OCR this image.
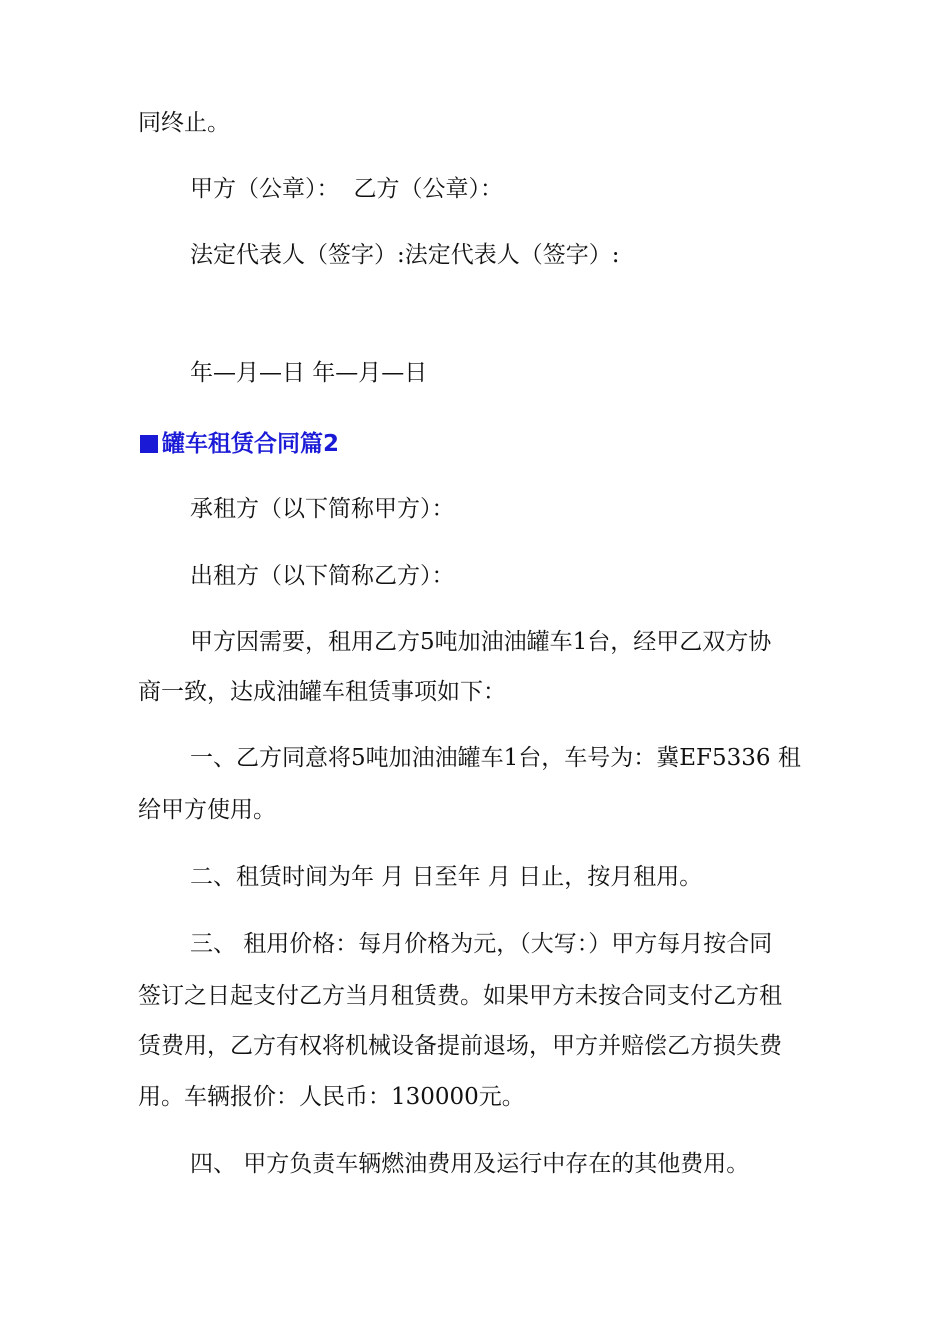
同终止。
甲方（公章）： 乙方（公章）：
法定代表人（签字）:法定代表人（签字）:
年—月—日 年—月—日
罐车租赁合同篇2
承租方（以下简称甲方）：
出租方（以下简称乙方）：
甲方因需要，租用乙方5吨加油油罐车1台，经甲乙双方协
商一致，达成油罐车租赁事项如下：
一、乙方同意将5吨加油油罐车1台，车号为：冀EF5336 租
给甲方使用。
二、租赁时间为年 月 日至年 月 日止，按月租用。
三、 租用价格：每月价格为元，（大写：）甲方每月按合同
签订之日起支付乙方当月租赁费。如果甲方未按合同支付乙方租
赁费用，乙方有权将机械设备提前退场，甲方并赔偿乙方损失费
用。车辆报价：人民币：130000元。
四、 甲方负责车辆燃油费用及运行中存在的其他费用。
